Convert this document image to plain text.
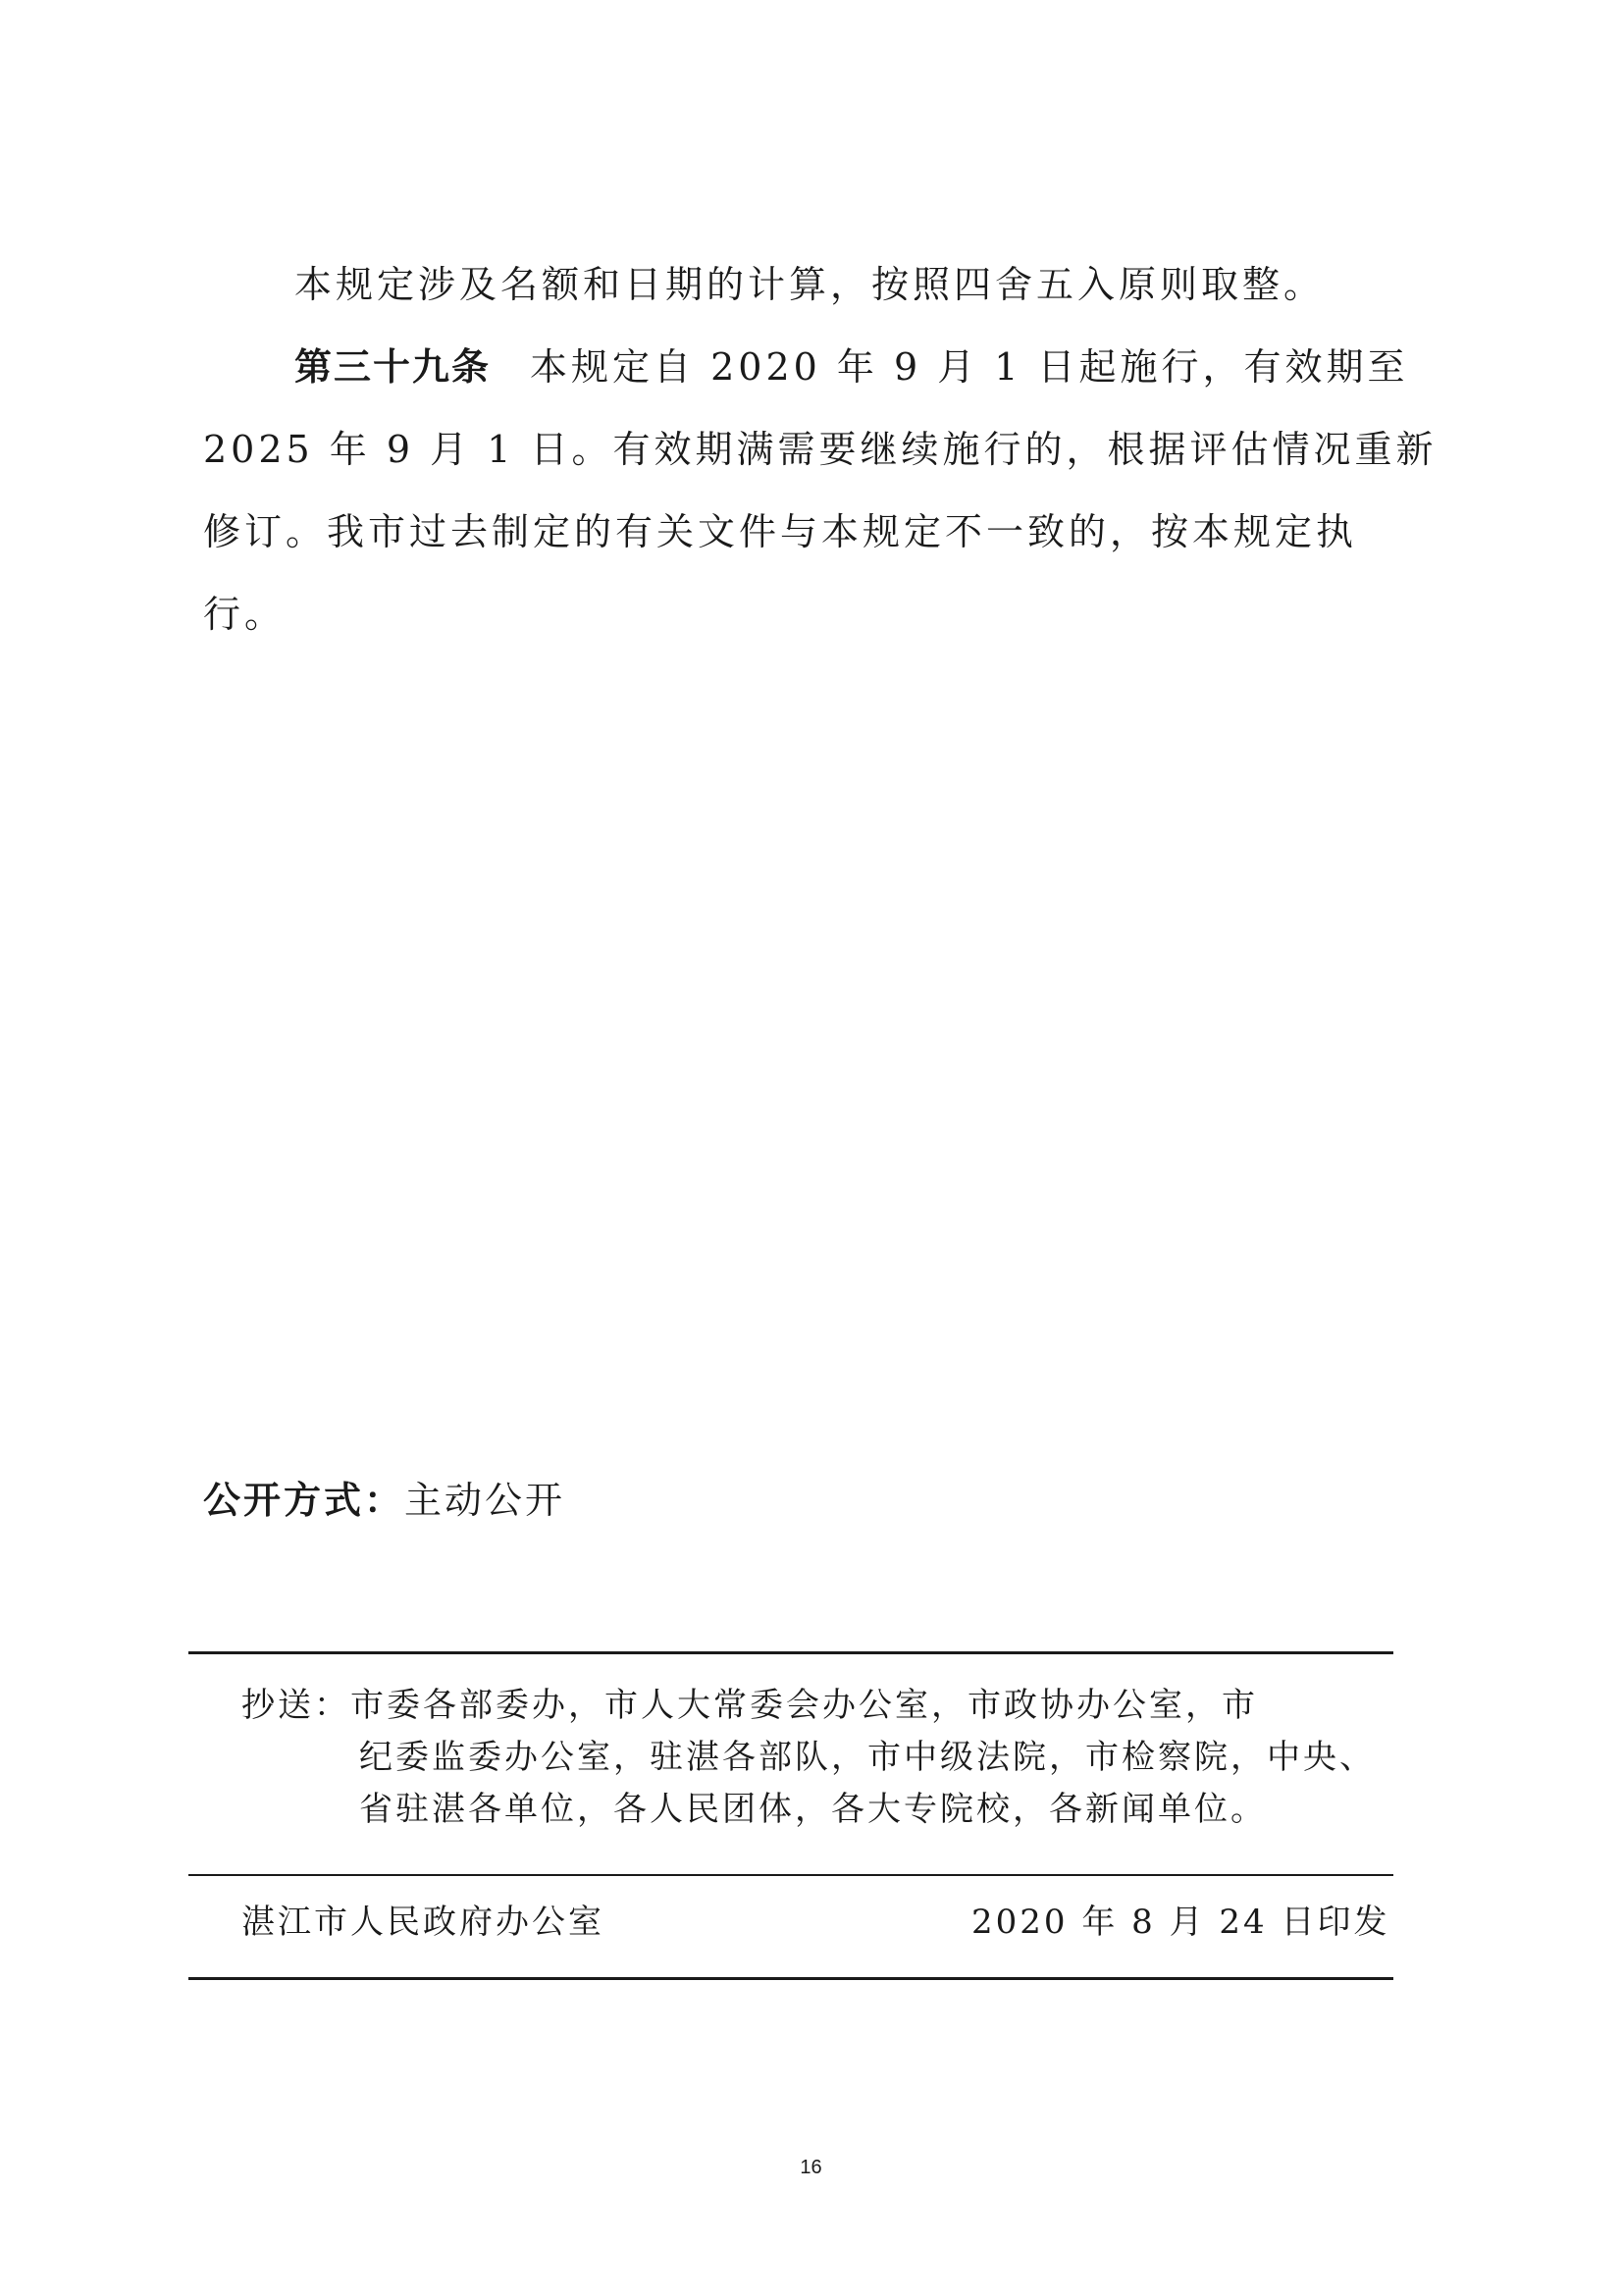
本规定涉及名额和日期的计算，按照四舍五入原则取整。
第三十九条 本规定自 2020 年 9 月 1 日起施行，有效期至
2025 年 9 月 1 日。有效期满需要继续施行的，根据评估情况重新
修订。我市过去制定的有关文件与本规定不一致的，按本规定执
行。
公开方式：主动公开
抄送：市委各部委办，市人大常委会办公室，市政协办公室，市
纪委监委办公室，驻湛各部队，市中级法院，市检察院，中央、
省驻湛各单位，各人民团体，各大专院校，各新闻单位。
湛江市人民政府办公室	2020 年 8 月 24 日印发
16
